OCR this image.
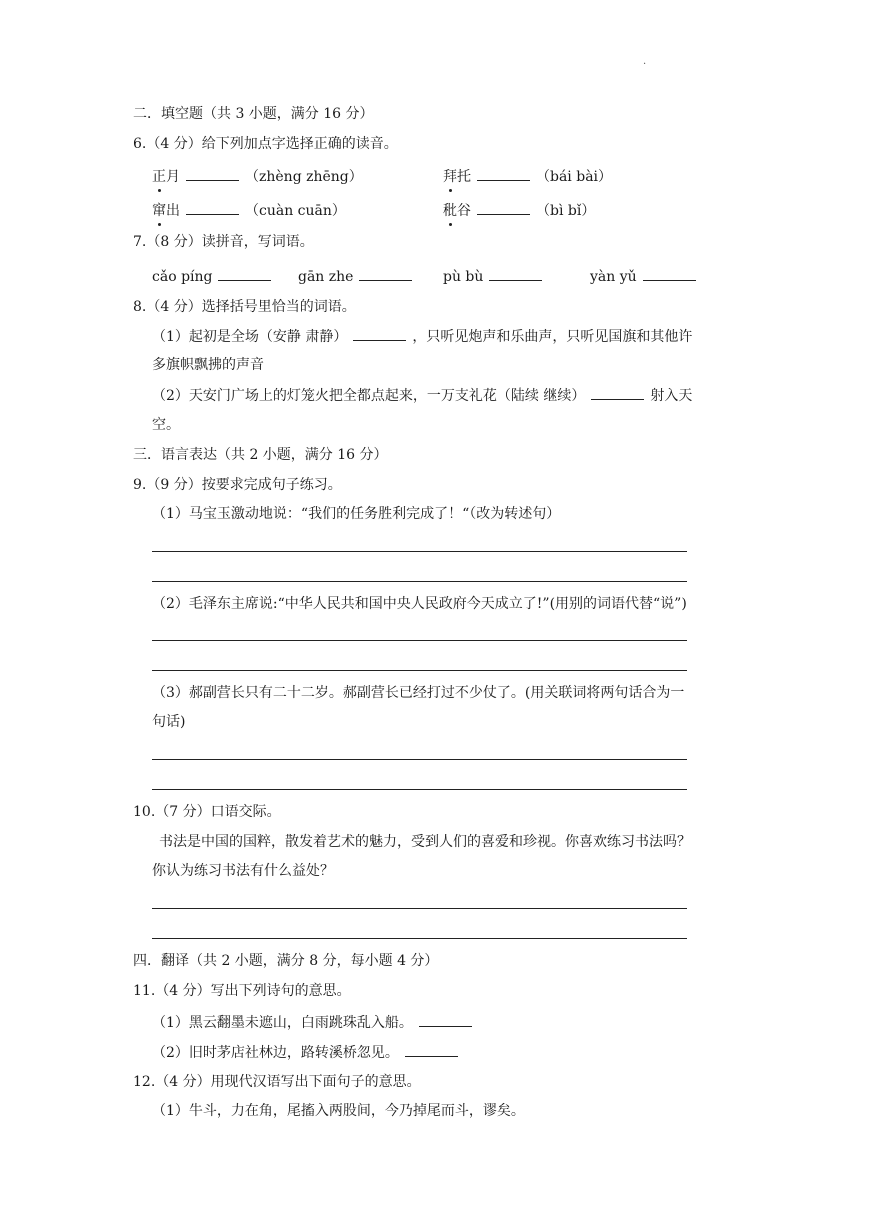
.
二．填空题（共 3 小题，满分 16 分）
6.（4 分）给下列加点字选择正确的读音。
正月	（zhèng zhēng）	拜托	（bái bài）
窜出	（cuàn cuān）	秕谷	（bì bǐ）
7.（8 分）读拼音，写词语。
cǎo píng	gān zhe	pù bù	yàn yǔ
8.（4 分）选择括号里恰当的词语。
（1）起初是全场（安静 肃静）	，只听见炮声和乐曲声，只听见国旗和其他许
多旗帜飘拂的声音
（2）天安门广场上的灯笼火把全都点起来，一万支礼花（陆续 继续）	射入天
空。
三．语言表达（共 2 小题，满分 16 分）
9.（9 分）按要求完成句子练习。
（1）马宝玉激动地说：“我们的任务胜利完成了！“（改为转述句）
（2）毛泽东主席说:“中华人民共和国中央人民政府今天成立了!”(用别的词语代替“说”)
（3）郝副营长只有二十二岁。郝副营长已经打过不少仗了。(用关联词将两句话合为一
句话)
10.（7 分）口语交际。
书法是中国的国粹，散发着艺术的魅力，受到人们的喜爱和珍视。你喜欢练习书法吗？
你认为练习书法有什么益处？
四．翻译（共 2 小题，满分 8 分，每小题 4 分）
11.（4 分）写出下列诗句的意思。
（1）黑云翻墨未遮山，白雨跳珠乱入船。
（2）旧时茅店社林边，路转溪桥忽见。
12.（4 分）用现代汉语写出下面句子的意思。
（1）牛斗，力在角，尾搐入两股间，今乃掉尾而斗，谬矣。
